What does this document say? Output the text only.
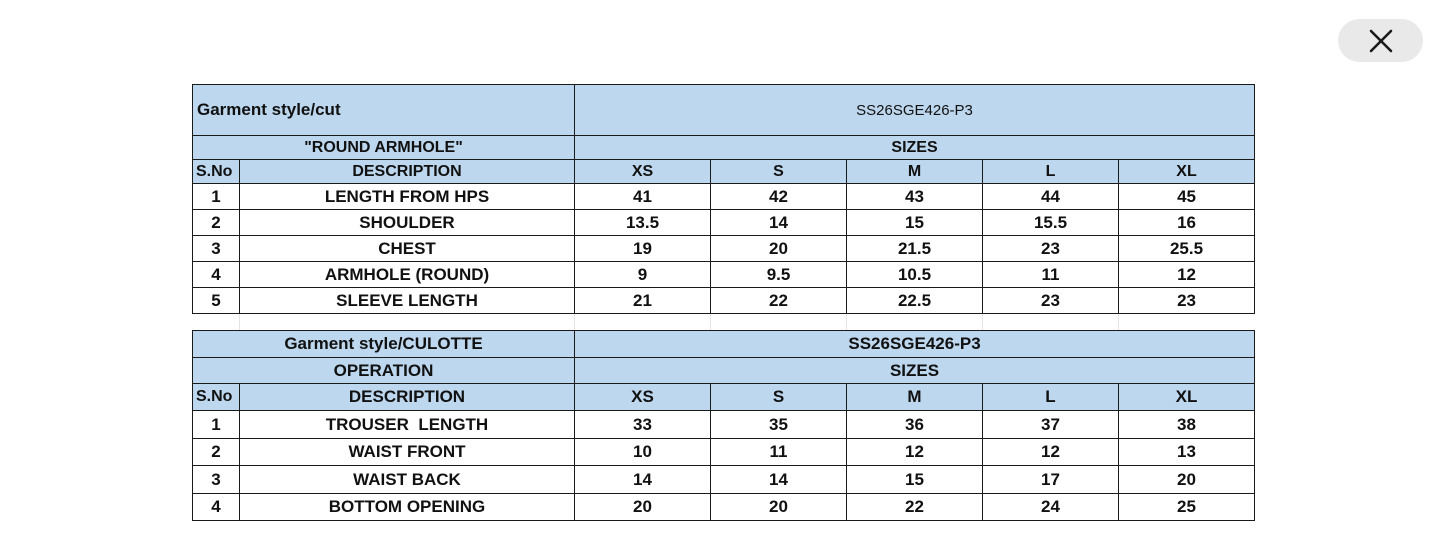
Garment style/cut		SS26SGE426-P3				
"ROUND ARMHOLE"		SIZES				
S.No	DESCRIPTION	XS	S	M	L	XL
1	LENGTH FROM HPS	41	42	43	44	45
2	SHOULDER	13.5	14	15	15.5	16
3	CHEST	19	20	21.5	23	25.5
4	ARMHOLE (ROUND)	9	9.5	10.5	11	12
5	SLEEVE LENGTH	21	22	22.5	23	23
Garment style/CULOTTE		SS26SGE426-P3				
OPERATION		SIZES				
S.No	DESCRIPTION	XS	S	M	L	XL
1	TROUSER  LENGTH	33	35	36	37	38
2	WAIST FRONT	10	11	12	12	13
3	WAIST BACK	14	14	15	17	20
4	BOTTOM OPENING	20	20	22	24	25
